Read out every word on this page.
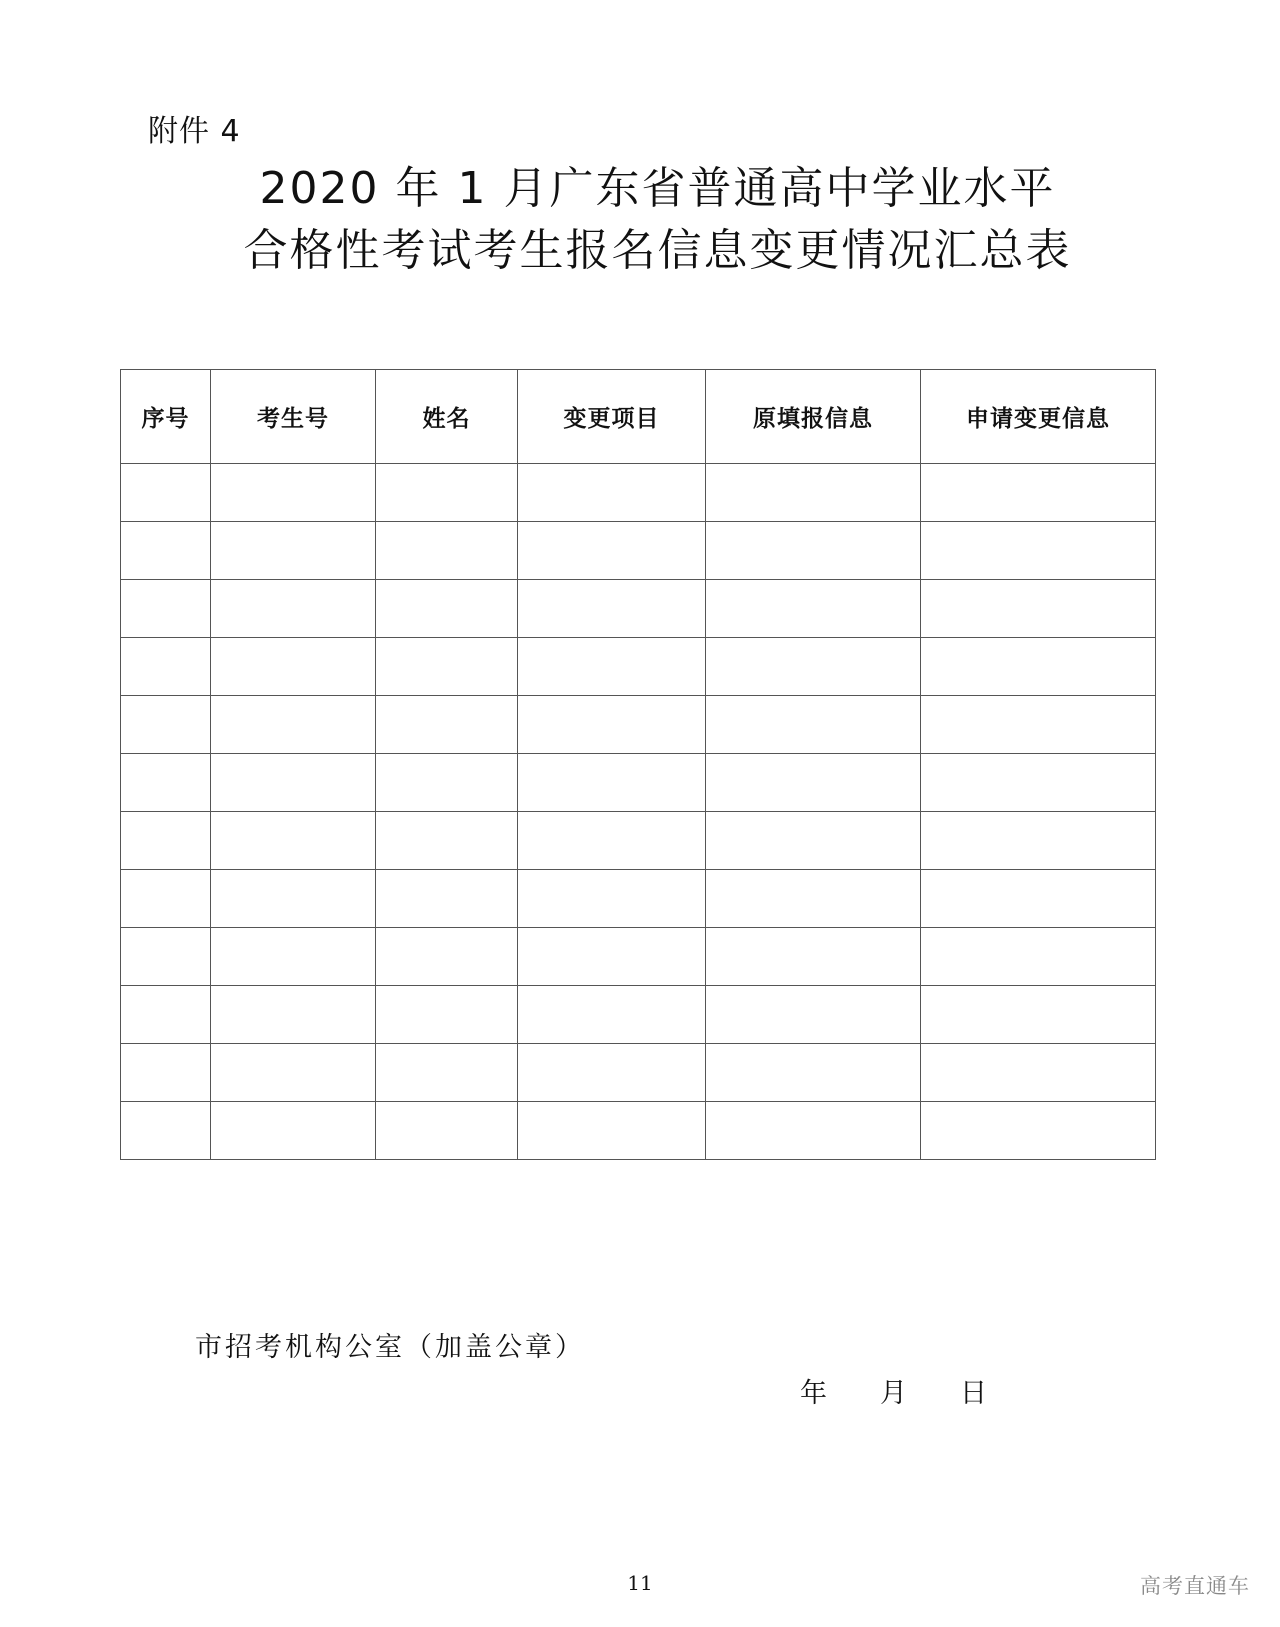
附件 4
2020 年 1 月广东省普通高中学业水平
合格性考试考生报名信息变更情况汇总表
序号	考生号	姓名	变更项目	原填报信息	申请变更信息

市招考机构公室（加盖公章）
年	月	日
11	高考直通车
